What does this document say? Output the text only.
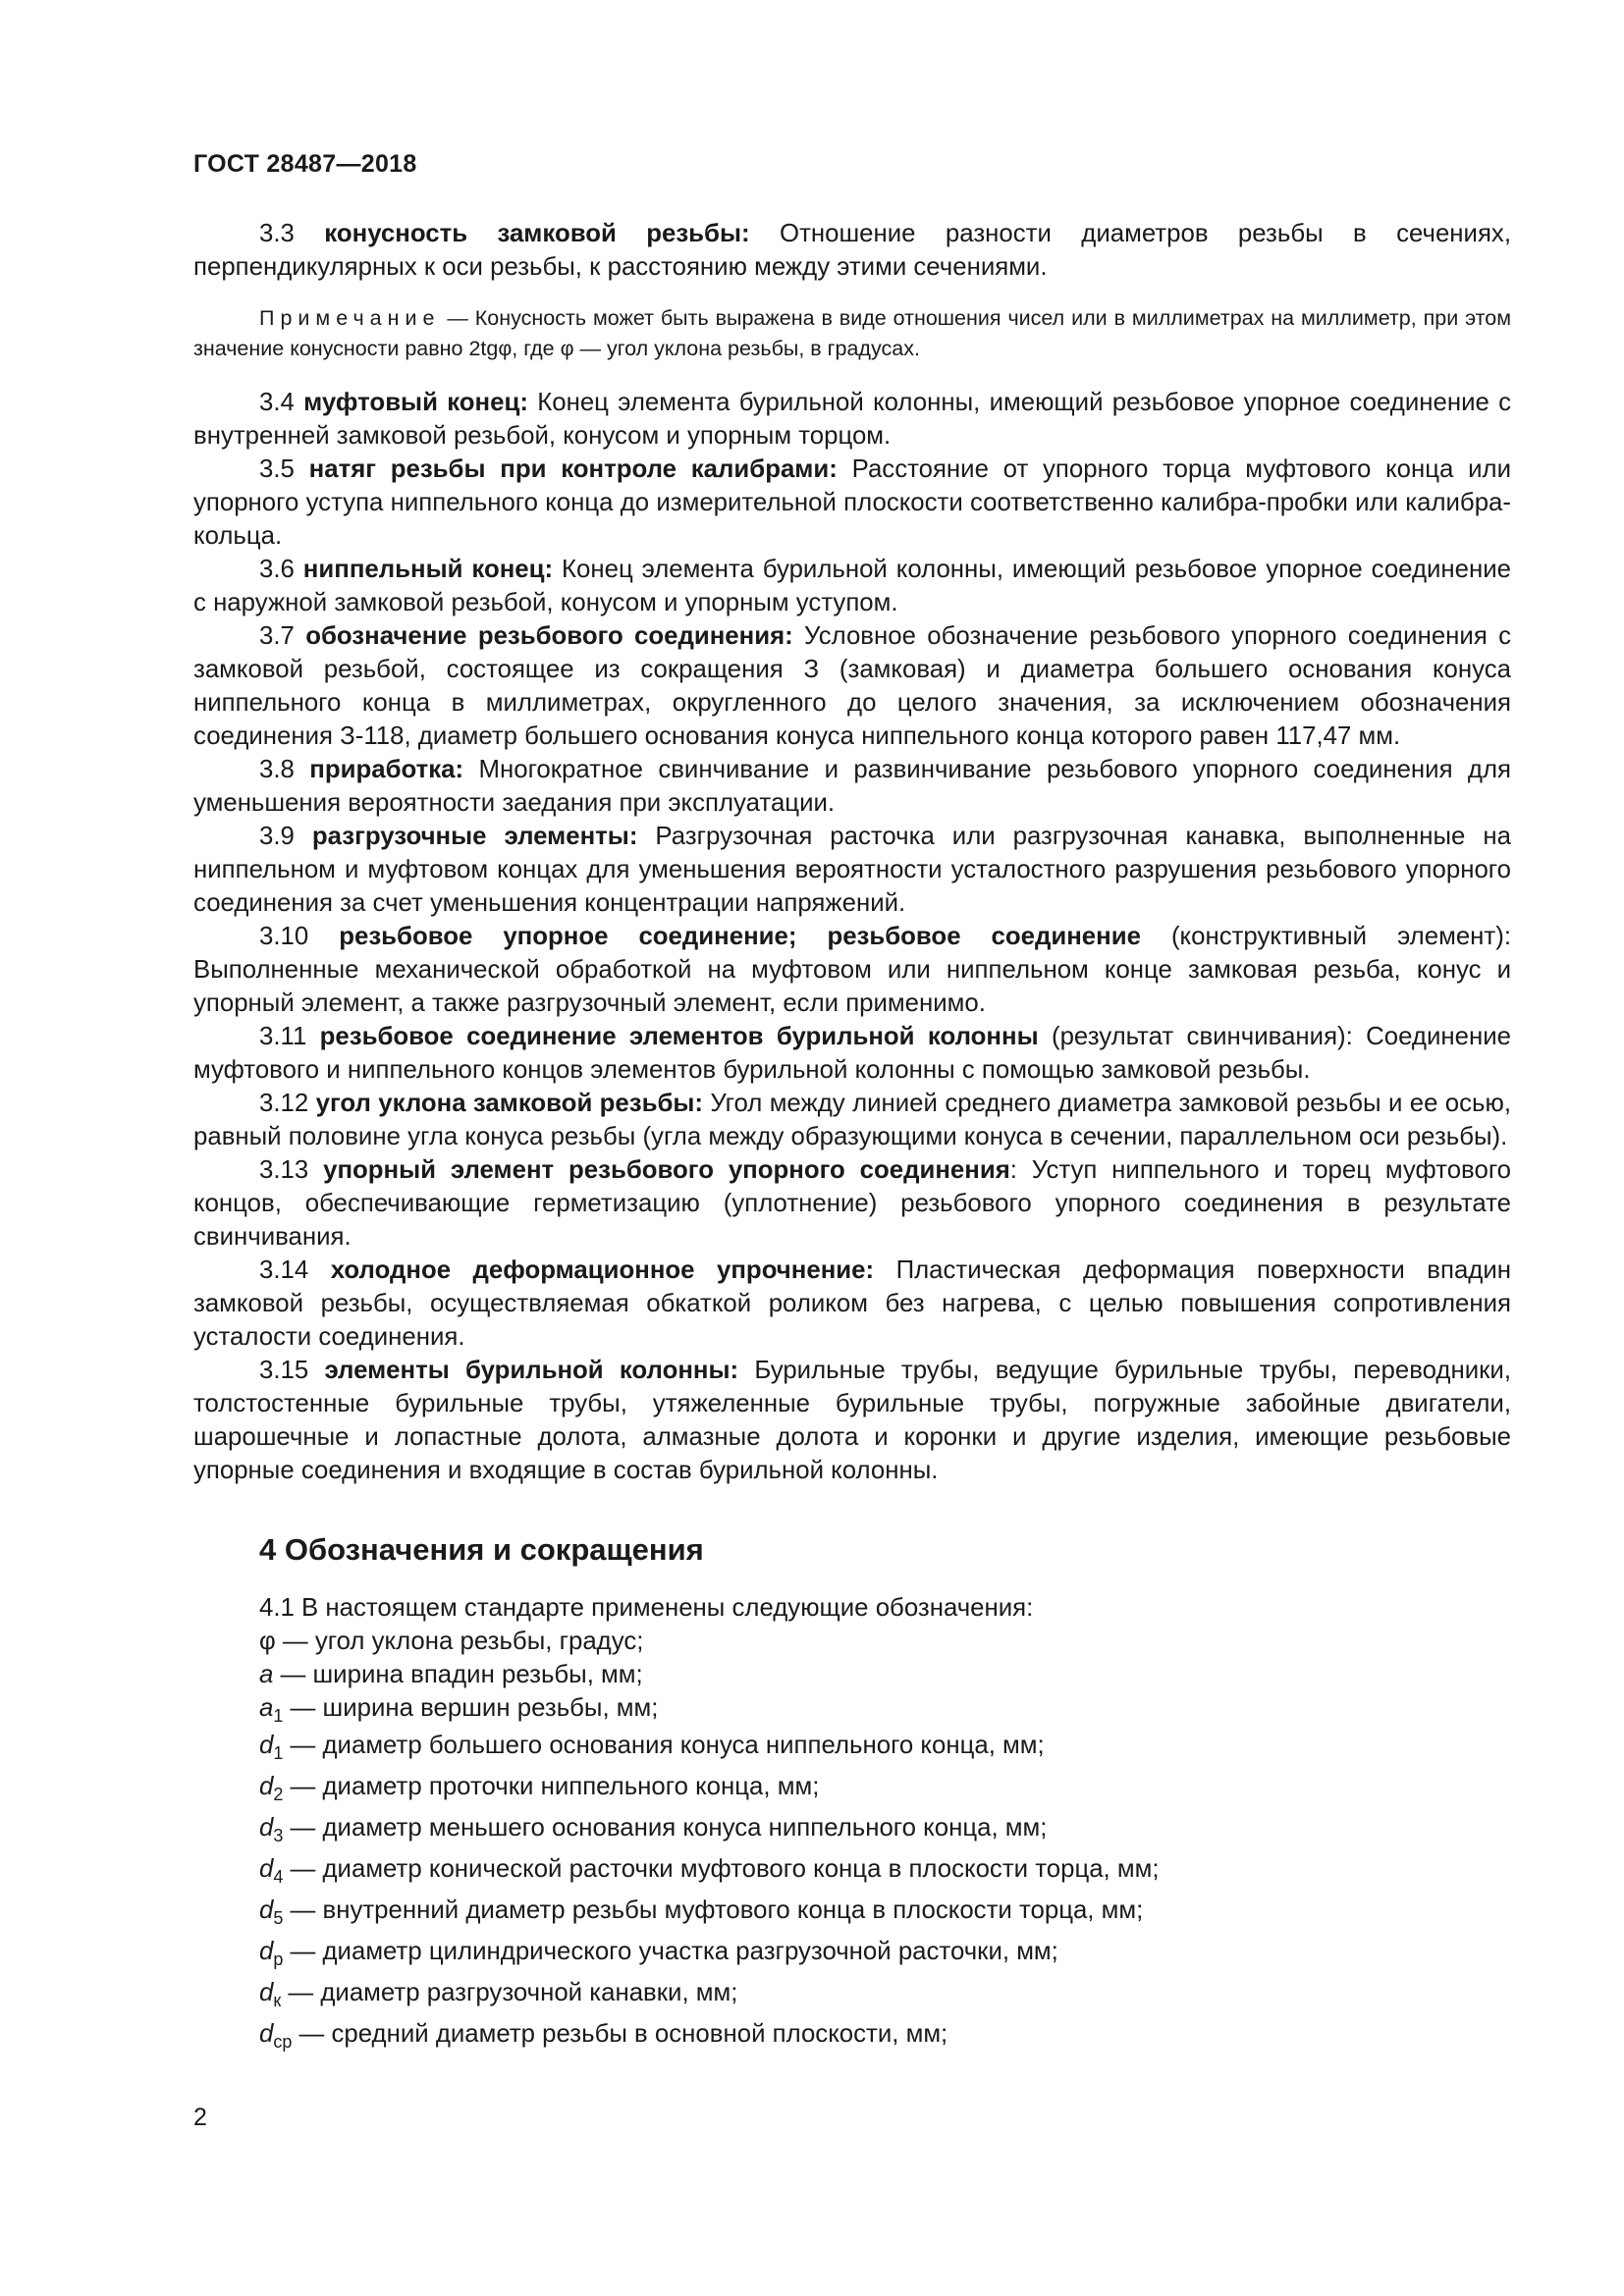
ГОСТ 28487—2018

3.3 конусность замковой резьбы: Отношение разности диаметров резьбы в сечениях, перпендикулярных к оси резьбы, к расстоянию между этими сечениями.

Примечание — Конусность может быть выражена в виде отношения чисел или в миллиметрах на миллиметр, при этом значение конусности равно 2tgφ, где φ — угол уклона резьбы, в градусах.

3.4 муфтовый конец: Конец элемента бурильной колонны, имеющий резьбовое упорное соединение с внутренней замковой резьбой, конусом и упорным торцом.

3.5 натяг резьбы при контроле калибрами: Расстояние от упорного торца муфтового конца или упорного уступа ниппельного конца до измерительной плоскости соответственно калибра-пробки или калибра-кольца.

3.6 ниппельный конец: Конец элемента бурильной колонны, имеющий резьбовое упорное соединение с наружной замковой резьбой, конусом и упорным уступом.

3.7 обозначение резьбового соединения: Условное обозначение резьбового упорного соединения с замковой резьбой, состоящее из сокращения З (замковая) и диаметра большего основания конуса ниппельного конца в миллиметрах, округленного до целого значения, за исключением обозначения соединения З-118, диаметр большего основания конуса ниппельного конца которого равен 117,47 мм.

3.8 приработка: Многократное свинчивание и развинчивание резьбового упорного соединения для уменьшения вероятности заедания при эксплуатации.

3.9 разгрузочные элементы: Разгрузочная расточка или разгрузочная канавка, выполненные на ниппельном и муфтовом концах для уменьшения вероятности усталостного разрушения резьбового упорного соединения за счет уменьшения концентрации напряжений.

3.10 резьбовое упорное соединение; резьбовое соединение (конструктивный элемент): Выполненные механической обработкой на муфтовом или ниппельном конце замковая резьба, конус и упорный элемент, а также разгрузочный элемент, если применимо.

3.11 резьбовое соединение элементов бурильной колонны (результат свинчивания): Соединение муфтового и ниппельного концов элементов бурильной колонны с помощью замковой резьбы.

3.12 угол уклона замковой резьбы: Угол между линией среднего диаметра замковой резьбы и ее осью, равный половине угла конуса резьбы (угла между образующими конуса в сечении, параллельном оси резьбы).

3.13 упорный элемент резьбового упорного соединения: Уступ ниппельного и торец муфтового концов, обеспечивающие герметизацию (уплотнение) резьбового упорного соединения в результате свинчивания.

3.14 холодное деформационное упрочнение: Пластическая деформация поверхности впадин замковой резьбы, осуществляемая обкаткой роликом без нагрева, с целью повышения сопротивления усталости соединения.

3.15 элементы бурильной колонны: Бурильные трубы, ведущие бурильные трубы, переводники, толстостенные бурильные трубы, утяжеленные бурильные трубы, погружные забойные двигатели, шарошечные и лопастные долота, алмазные долота и коронки и другие изделия, имеющие резьбовые упорные соединения и входящие в состав бурильной колонны.

4 Обозначения и сокращения

4.1 В настоящем стандарте применены следующие обозначения:

φ — угол уклона резьбы, градус;

a — ширина впадин резьбы, мм;

$a_1$ — ширина вершин резьбы, мм;

$d_1$ — диаметр большего основания конуса ниппельного конца, мм;

$d_2$ — диаметр проточки ниппельного конца, мм;

$d_3$ — диаметр меньшего основания конуса ниппельного конца, мм;

$d_4$ — диаметр конической расточки муфтового конца в плоскости торца, мм;

$d_5$ — внутренний диаметр резьбы муфтового конца в плоскости торца, мм;

$d_р$ — диаметр цилиндрического участка разгрузочной расточки, мм;

$d_к$ — диаметр разгрузочной канавки, мм;

$d_{ср}$ — средний диаметр резьбы в основной плоскости, мм;

2
